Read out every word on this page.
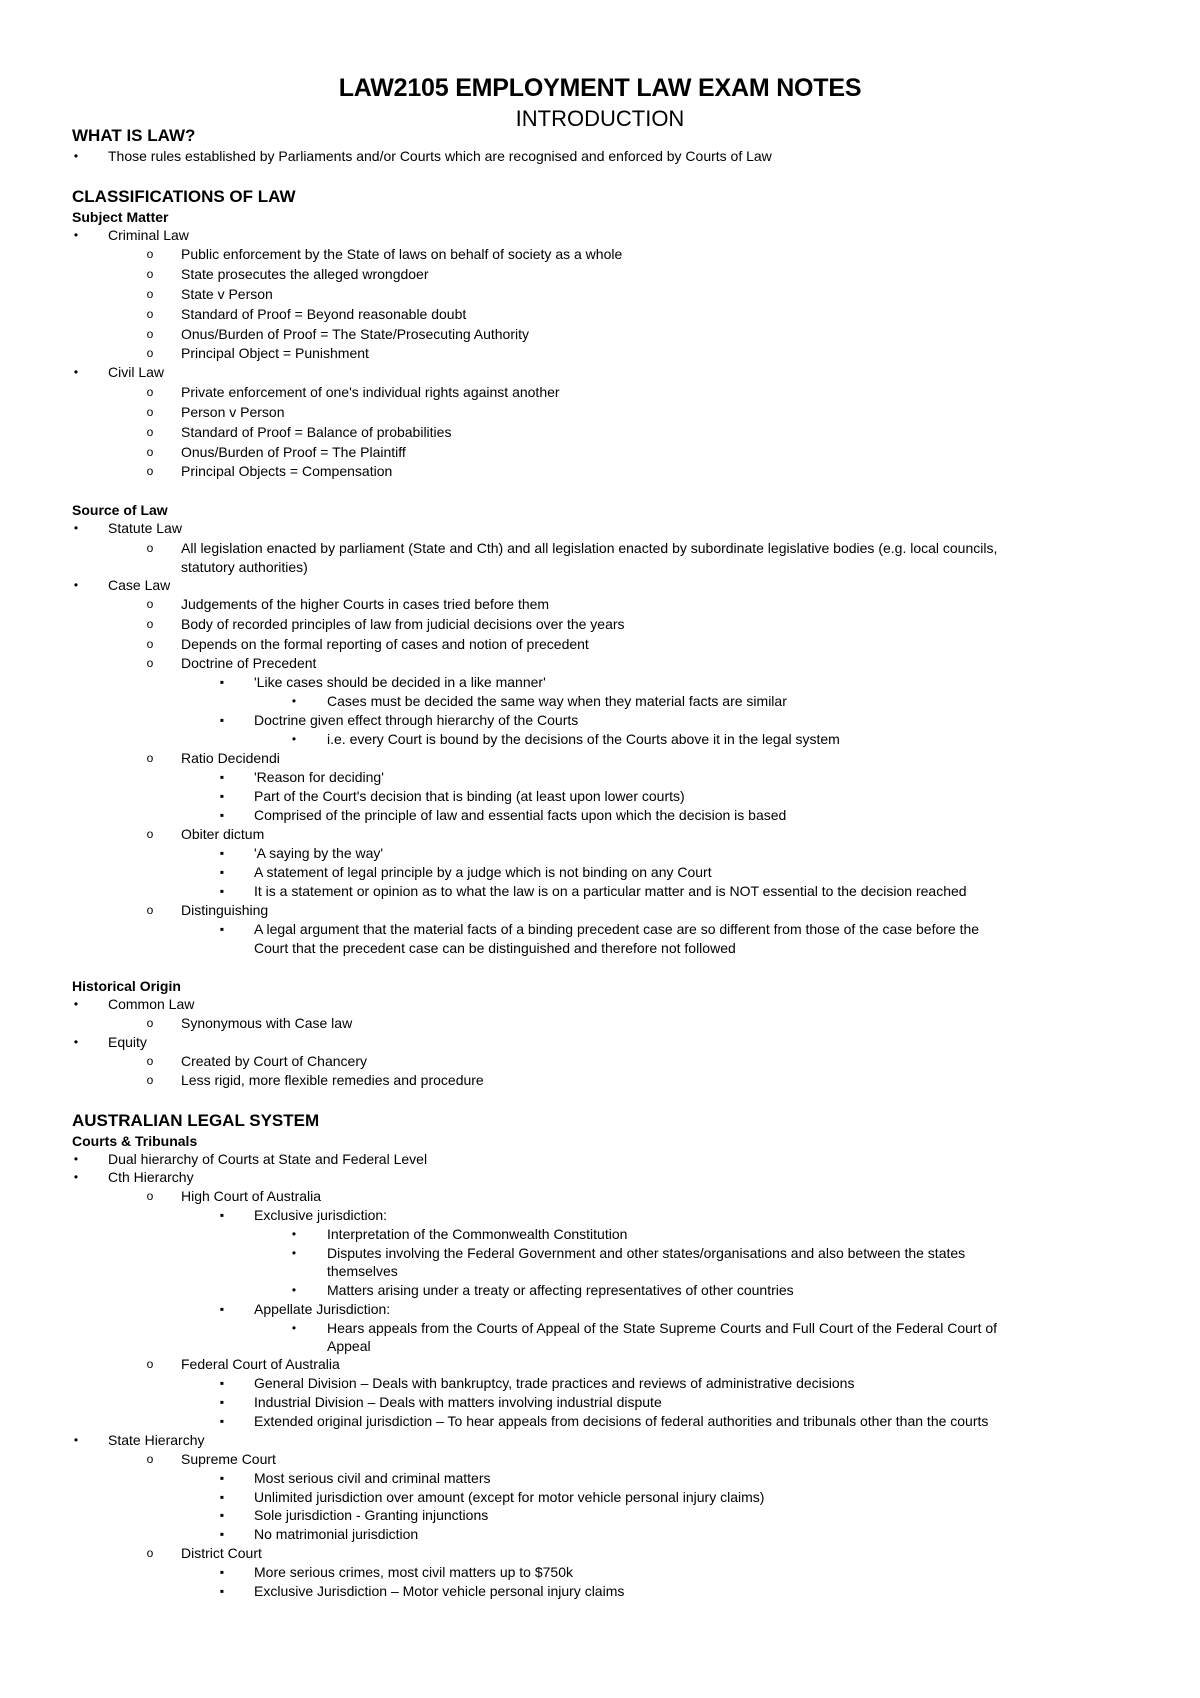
LAW2105 EMPLOYMENT LAW EXAM NOTES
INTRODUCTION
WHAT IS LAW?
•	Those rules established by Parliaments and/or Courts which are recognised and enforced by Courts of Law
CLASSIFICATIONS OF LAW
Subject Matter
•	Criminal Law
o	Public enforcement by the State of laws on behalf of society as a whole
o	State prosecutes the alleged wrongdoer
o	State v Person
o	Standard of Proof = Beyond reasonable doubt
o	Onus/Burden of Proof = The State/Prosecuting Authority
o	Principal Object = Punishment
•	Civil Law
o	Private enforcement of one's individual rights against another
o	Person v Person
o	Standard of Proof = Balance of probabilities
o	Onus/Burden of Proof = The Plaintiff
o	Principal Objects = Compensation
Source of Law
•	Statute Law
o	All legislation enacted by parliament (State and Cth) and all legislation enacted by subordinate legislative bodies (e.g. local councils,
statutory authorities)
•	Case Law
o	Judgements of the higher Courts in cases tried before them
o	Body of recorded principles of law from judicial decisions over the years
o	Depends on the formal reporting of cases and notion of precedent
o	Doctrine of Precedent
▪	'Like cases should be decided in a like manner'
•	Cases must be decided the same way when they material facts are similar
▪	Doctrine given effect through hierarchy of the Courts
•	i.e. every Court is bound by the decisions of the Courts above it in the legal system
o	Ratio Decidendi
▪	'Reason for deciding'
▪	Part of the Court's decision that is binding (at least upon lower courts)
▪	Comprised of the principle of law and essential facts upon which the decision is based
o	Obiter dictum
▪	'A saying by the way'
▪	A statement of legal principle by a judge which is not binding on any Court
▪	It is a statement or opinion as to what the law is on a particular matter and is NOT essential to the decision reached
o	Distinguishing
▪	A legal argument that the material facts of a binding precedent case are so different from those of the case before the
Court that the precedent case can be distinguished and therefore not followed
Historical Origin
•	Common Law
o	Synonymous with Case law
•	Equity
o	Created by Court of Chancery
o	Less rigid, more flexible remedies and procedure
AUSTRALIAN LEGAL SYSTEM
Courts & Tribunals
•	Dual hierarchy of Courts at State and Federal Level
•	Cth Hierarchy
o	High Court of Australia
▪	Exclusive jurisdiction:
•	Interpretation of the Commonwealth Constitution
•	Disputes involving the Federal Government and other states/organisations and also between the states
themselves
•	Matters arising under a treaty or affecting representatives of other countries
▪	Appellate Jurisdiction:
•	Hears appeals from the Courts of Appeal of the State Supreme Courts and Full Court of the Federal Court of
Appeal
o	Federal Court of Australia
▪	General Division – Deals with bankruptcy, trade practices and reviews of administrative decisions
▪	Industrial Division – Deals with matters involving industrial dispute
▪	Extended original jurisdiction – To hear appeals from decisions of federal authorities and tribunals other than the courts
•	State Hierarchy
o	Supreme Court
▪	Most serious civil and criminal matters
▪	Unlimited jurisdiction over amount (except for motor vehicle personal injury claims)
▪	Sole jurisdiction - Granting injunctions
▪	No matrimonial jurisdiction
o	District Court
▪	More serious crimes, most civil matters up to $750k
▪	Exclusive Jurisdiction – Motor vehicle personal injury claims
